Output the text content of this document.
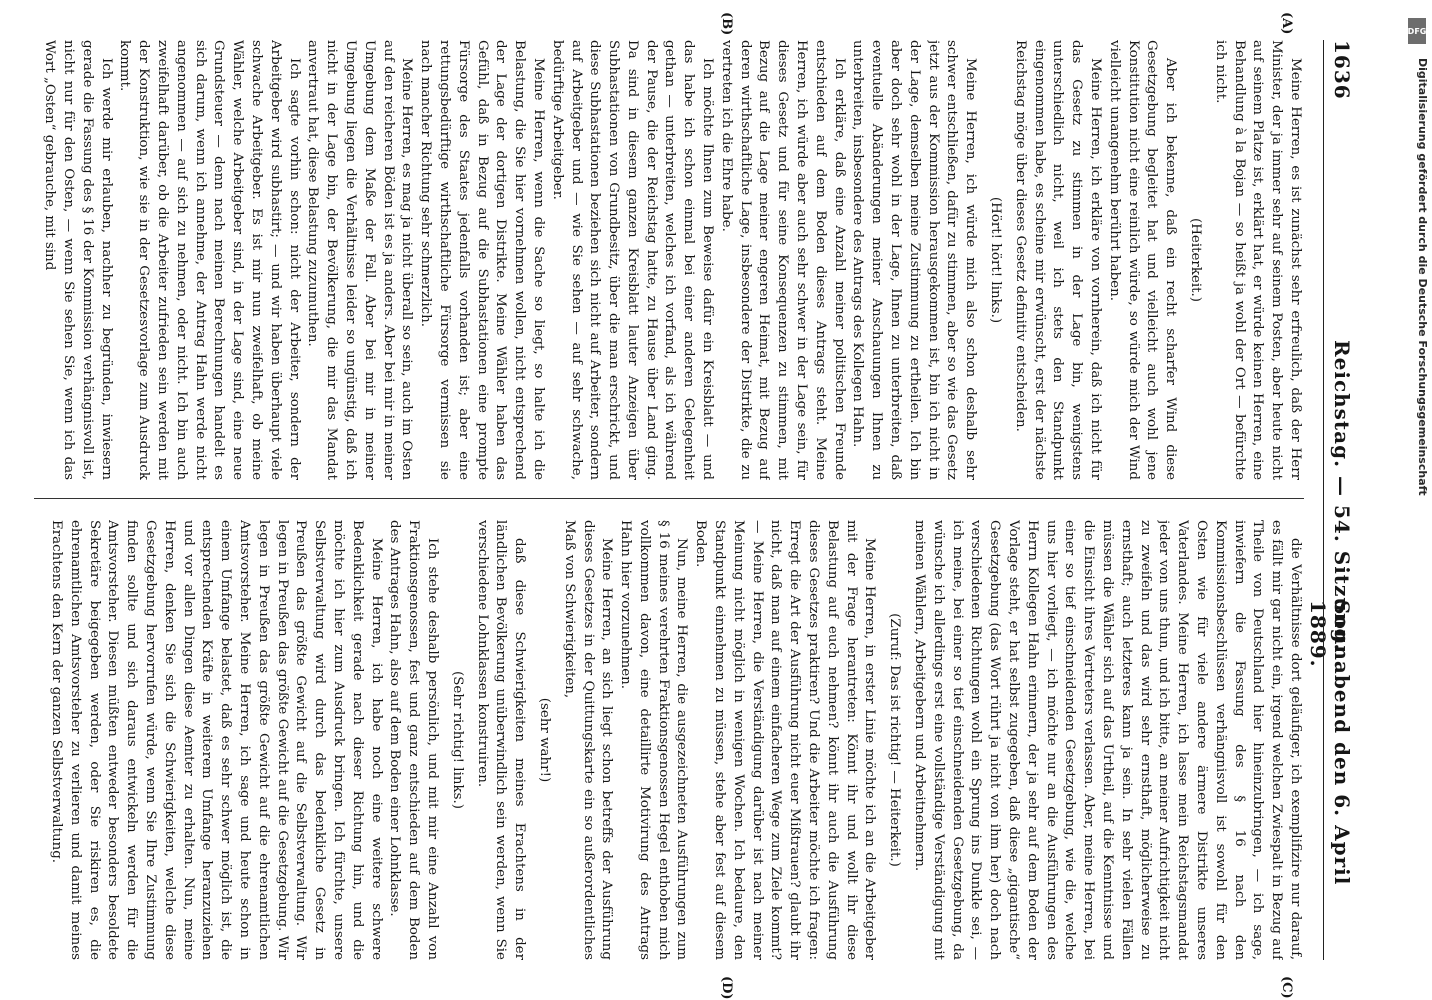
1636
Reichstag. — 54. Sitzung.
Sonnabend den 6. April 1889.
(A)
(B)
(C)
(D)

Meine Herren, es ist zunächst sehr erfreulich, daß der Herr Minister, der ja immer sehr auf seinem Posten, aber heute nicht auf seinem Platze ist, erklärt hat, er würde keinen Herren, eine Behandlung à la Bojan — so heißt ja wohl der Ort — befürchte ich nicht.

(Heiterkeit.)

Aber ich bekenne, daß ein recht scharfer Wind diese Gesetzgebung begleitet hat und vielleicht auch wohl jene Konstitution nicht eine reinlich würde, so würde mich der Wind vielleicht unangenehm berührt haben.

Meine Herren, ich erkläre von vornherein, daß ich nicht für das Gesetz zu stimmen in der Lage bin, wenigstens unterschiedlich nicht, weil ich stets den Standpunkt eingenommen habe, es scheine mir erwünscht, erst der nächste Reichstag möge über dieses Gesetz definitiv entscheiden.

(Hört! hört! links.)

Meine Herren, ich würde mich also schon deshalb sehr schwer entschließen, dafür zu stimmen, aber so wie das Gesetz jetzt aus der Kommission herausgekommen ist, bin ich nicht in der Lage, demselben meine Zustimmung zu ertheilen. Ich bin aber doch sehr wohl in der Lage, Ihnen zu unterbreiten, daß eventuelle Abänderungen meiner Anschauungen Ihnen zu unterbreiten, insbesondere des Antrags des Kollegen Hahn.

Ich erkläre, daß eine Anzahl meiner politischen Freunde entschieden auf dem Boden dieses Antrags steht. Meine Herren, ich würde aber auch sehr schwer in der Lage sein, für dieses Gesetz und für seine Konsequenzen zu stimmen, mit Bezug auf die Lage meiner engeren Heimat, mit Bezug auf deren wirthschaftliche Lage, insbesondere der Distrikte, die zu vertreten ich die Ehre habe.

Ich möchte Ihnen zum Beweise dafür ein Kreisblatt — und das habe ich schon einmal bei einer anderen Gelegenheit gethan — unterbreiten, welches ich vorfand, als ich während der Pause, die der Reichstag hatte, zu Hause über Land ging. Da sind in diesem ganzen Kreisblatt lauter Anzeigen über Subhastationen von Grundbesitz, über die man erschrickt, und diese Subhastationen beziehen sich nicht auf Arbeiter, sondern auf Arbeitgeber und — wie Sie sehen — auf sehr schwache, bedürftige Arbeitgeber.

Meine Herren, wenn die Sache so liegt, so halte ich die Belastung, die Sie hier vornehmen wollen, nicht entsprechend der Lage der dortigen Distrikte. Meine Wähler haben das Gefühl, daß in Bezug auf die Subhastationen eine prompte Fürsorge des Staates jedenfalls vorhanden ist; aber eine rettungsbedürftige wirthschaftliche Fürsorge vermissen sie nach mancher Richtung sehr schmerzlich.

Meine Herren, es mag ja nicht überall so sein, auch im Osten auf den reicheren Böden ist es ja anders. Aber bei mir in meiner Umgebung dem Maße der Fall. Aber bei mir in meiner Umgebung liegen die Verhältnisse leider so ungünstig, daß ich nicht in der Lage bin, der Bevölkerung, die mir das Mandat anvertraut hat, diese Belastung zuzumuthen.

Ich sagte vorhin schon: nicht der Arbeiter, sondern der Arbeitgeber wird subhastirt; — und wir haben überhaupt viele schwache Arbeitgeber. Es ist mir nun zweifelhaft, ob meine Wähler, welche Arbeitgeber sind, in der Lage sind, eine neue Grundsteuer — denn nach meinen Berechnungen handelt es sich darum, wenn ich annehme, der Antrag Hahn werde nicht angenommen — auf sich zu nehmen, oder nicht. Ich bin auch zweifelhaft darüber, ob die Arbeiter zufrieden sein werden mit der Konstruktion, wie sie in der Gesetzesvorlage zum Ausdruck kommt.

Ich werde mir erlauben, nachher zu begründen, inwiesern gerade die Fassung des § 16 der Kommission verhängnisvoll ist, nicht nur für den Osten, — wenn Sie sehen Sie, wenn ich das Wort „Osten“ gebrauche, mit sind

die Verhältnisse dort geläufiger, ich exemplifizire nur darauf, es fällt mir gar nicht ein, irgend welchen Zwiespalt in Bezug auf Theile von Deutschland hier hineinzubringen, — ich sage, inwiefern die Fassung des § 16 nach den Kommissionsbeschlüssen verhängnisvoll ist sowohl für den Osten wie für viele andere ärmere Distrikte unseres Vaterlandes. Meine Herren, ich lasse mein Reichstagsmandat jeder von uns thun, und ich bitte, an meiner Aufrichtigkeit nicht zu zweifeln und das wird sehr ernsthaft, möglicherweise zu ernsthaft; auch letzteres kann ja sein. In sehr vielen Fällen müssen die Wähler sich auf das Urtheil, auf die Kenntnisse und die Einsicht ihres Vertreters verlassen. Aber, meine Herren, bei einer so tief einschneidenden Gesetzgebung, wie die, welche uns hier vorliegt, — ich möchte nur an die Ausführungen des Herrn Kollegen Hahn erinnern, der ja sehr auf dem Boden der Vorlage steht, er hat selbst zugegeben, daß diese „gigantische“ Gesetzgebung (das Wort rührt ja nicht von ihm her) doch nach verschiedenen Richtungen wohl ein Sprung ins Dunkle sei, — ich meine, bei einer so tief einschneidenden Gesetzgebung, da wünsche ich allerdings erst eine vollständige Verständigung mit meinen Wählern, Arbeitgebern und Arbeitnehmern.

(Zuruf: Das ist richtig! — Heiterkeit.)

Meine Herren, in erster Linie möchte ich an die Arbeitgeber mit der Frage herantreten: Könnt ihr und wollt ihr diese Belastung auf euch nehmen? könnt ihr auch die Ausführung dieses Gesetzes praktiren? Und die Arbeiter möchte ich fragen: Erregt die Art der Ausführung nicht euer Mißtrauen? glaubt ihr nicht, daß man auf einem einfacheren Wege zum Ziele kommt? — Meine Herren, die Verständigung darüber ist nach meiner Meinung nicht möglich in wenigen Wochen. Ich bedaure, den Standpunkt einnehmen zu müssen, stehe aber fest auf diesem Boden.

Nun, meine Herren, die ausgezeichneten Ausführungen zum § 16 meines verehrten Fraktionsgenossen Hegel enthoben mich vollkommen davon, eine detaillirte Motivirung des Antrags Hahn hier vorzunehmen.

Meine Herren, an sich liegt schon betreffs der Ausführung dieses Gesetzes in der Quittungskarte ein so außerordentliches Maß von Schwierigkeiten,

(sehr wahr!)

daß diese Schwierigkeiten meines Erachtens in der ländlichen Bevölkerung unüberwindlich sein werden, wenn Sie verschiedene Lohnklassen konstruiren.

(Sehr richtig! links.)

Ich stehe deshalb persönlich, und mit mir eine Anzahl von Fraktionsgenossen, fest und ganz entschieden auf dem Boden des Antrages Hahn, also auf dem Boden einer Lohnklasse.

Meine Herren, ich habe noch eine weitere schwere Bedenklichkeit gerade nach dieser Richtung hin, und die möchte ich hier zum Ausdruck bringen. Ich fürchte, unsere Selbstverwaltung wird durch das bedenkliche Gesetz in Preußen das größte Gewicht auf die Selbstverwaltung. Wir legen in Preußen das größte Gewicht auf die Gesetzgebung. Wir legen in Preußen das größte Gewicht auf die ehrenamtlichen Amtsvorsteher. Meine Herren, ich sage und heute schon in einem Umfange belastet, daß es sehr schwer möglich ist, die entsprechenden Kräfte in weiterem Umfange heranzuziehen und vor allen Dingen diese Aemter zu erhalten. Nun, meine Herren, denken Sie sich die Schwierigkeiten, welche diese Gesetzgebung hervorrufen würde, wenn Sie Ihre Zustimmung finden sollte und sich daraus entwickeln werden für die Amtsvorsteher. Diesen müßten entweder besonders besoldete Sekretäre beigegeben werden, oder Sie riskiren es, die ehrenamtlichen Amtsvorsteher zu verlieren und damit meines Erachtens den Kern der ganzen Selbstverwaltung.

DFG
Digitalisierung gefördert durch die Deutsche Forschungsgemeinschaft
